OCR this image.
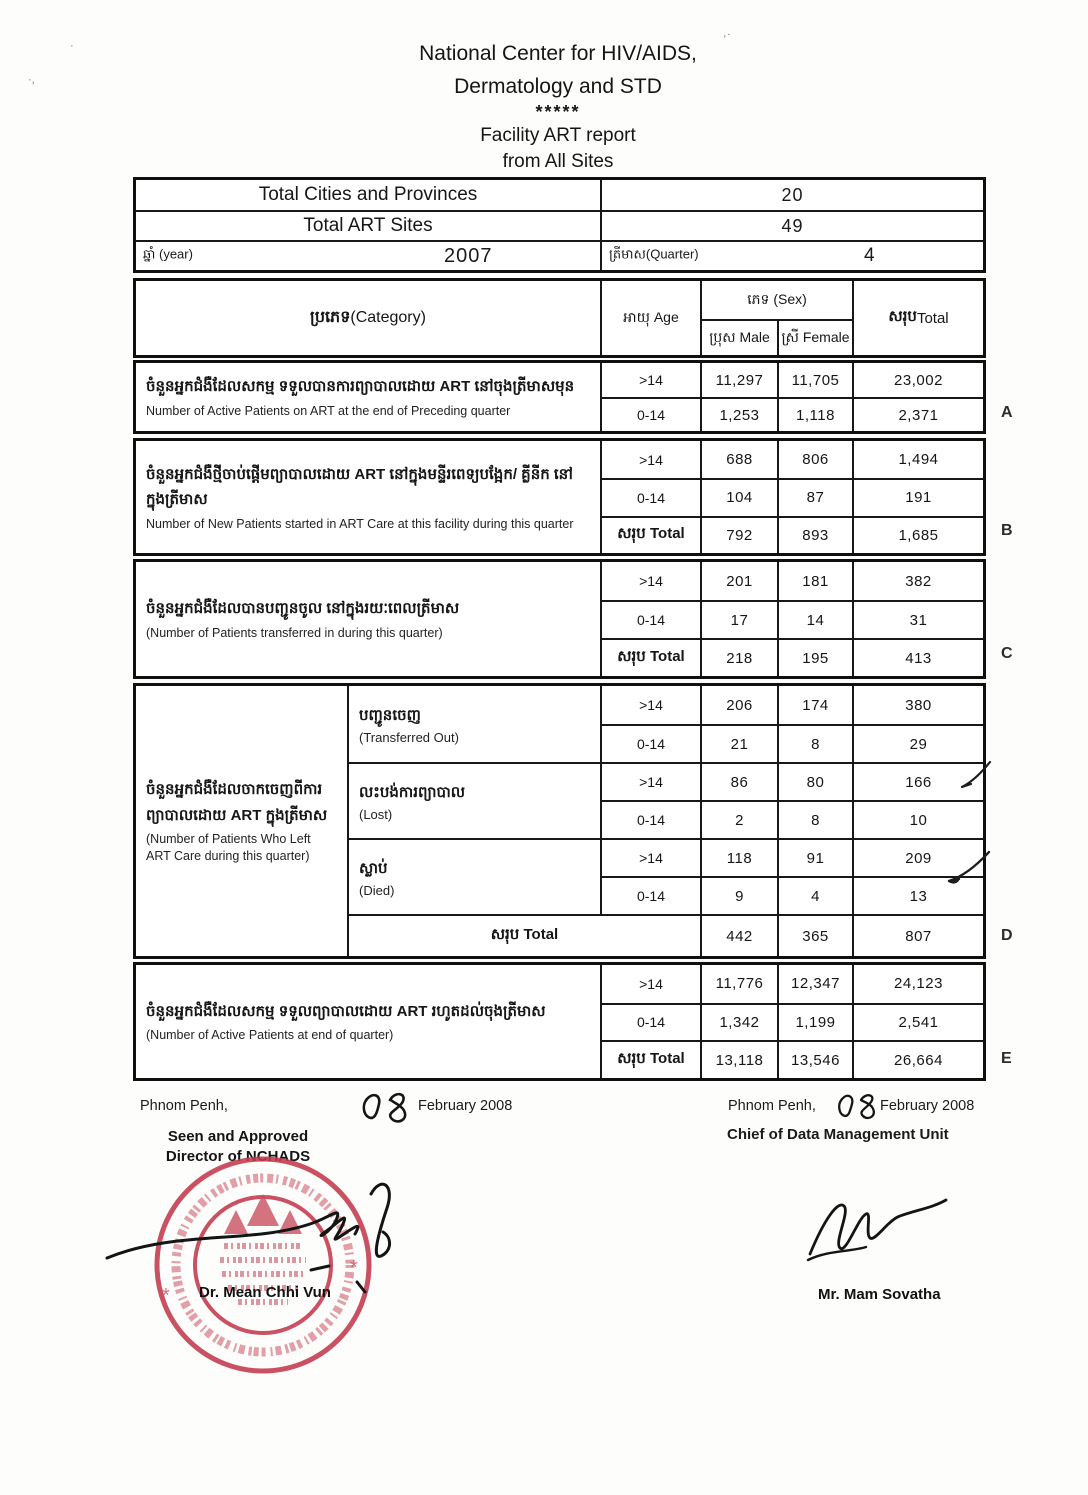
National Center for HIV/AIDS,
Dermatology and STD
*****
Facility ART report
from All Sites
Total Cities and Provinces	20
Total ART Sites	49
ឆ្នាំ (year)	2007	ត្រីមាស(Quarter)	4
ប្រភេទ (Category)	អាយុ Age
ភេទ (Sex)
ប្រុស Male ស្រី Female
សរុប Total
ចំនួនអ្នកជំងឺដែលសកម្ម ទទួលបានការព្យាបាលដោយ ART នៅចុងត្រីមាសមុន
Number of Active Patients on ART at the end of Preceding quarter
>14	11,297	11,705	23,002
0-14	1,253	1,118	2,371
ចំនួនអ្នកជំងឺថ្មីចាប់ផ្ដើមព្យាបាលដោយ ART នៅក្នុងមន្ទីរពេទ្យបង្អែក/ គ្លីនីក នៅក្នុងត្រីមាស
Number of New Patients started in ART Care at this facility during this quarter
>14	688	806	1,494
0-14	104	87	191
សរុប Total	792	893	1,685
ចំនួនអ្នកជំងឺដែលបានបញ្ជូនចូល នៅក្នុងរយៈពេលត្រីមាស
(Number of Patients transferred in during this quarter)
>14	201	181	382
0-14	17	14	31
សរុប Total	218	195	413
ចំនួនអ្នកជំងឺដែលចាកចេញពីការ ព្យាបាលដោយ ART ក្នុងត្រីមាស
(Number of Patients Who Left ART Care during this quarter)
បញ្ជូនចេញ
(Transferred Out)
>14	206	174	380
0-14	21	8	29
លះបង់ការព្យាបាល
(Lost)
>14	86	80	166
0-14	2	8	10
ស្លាប់
(Died)
>14	118	91	209
0-14	9	4	13
សរុប Total	442	365	807
ចំនួនអ្នកជំងឺដែលសកម្ម ទទួលព្យាបាលដោយ ART រហូតដល់ចុងត្រីមាស
(Number of Active Patients at end of quarter)
>14	11,776	12,347	24,123
0-14	1,342	1,199	2,541
សរុប Total	13,118	13,546	26,664
A
B
C
D
E
Phnom Penh,	February 2008
Seen and Approved
Director of NCHADS
*
*
Dr. Mean Chhi Vun
Phnom Penh,	February 2008
Chief of Data Management Unit
Mr. Mam Sovatha
,·
·,
·
